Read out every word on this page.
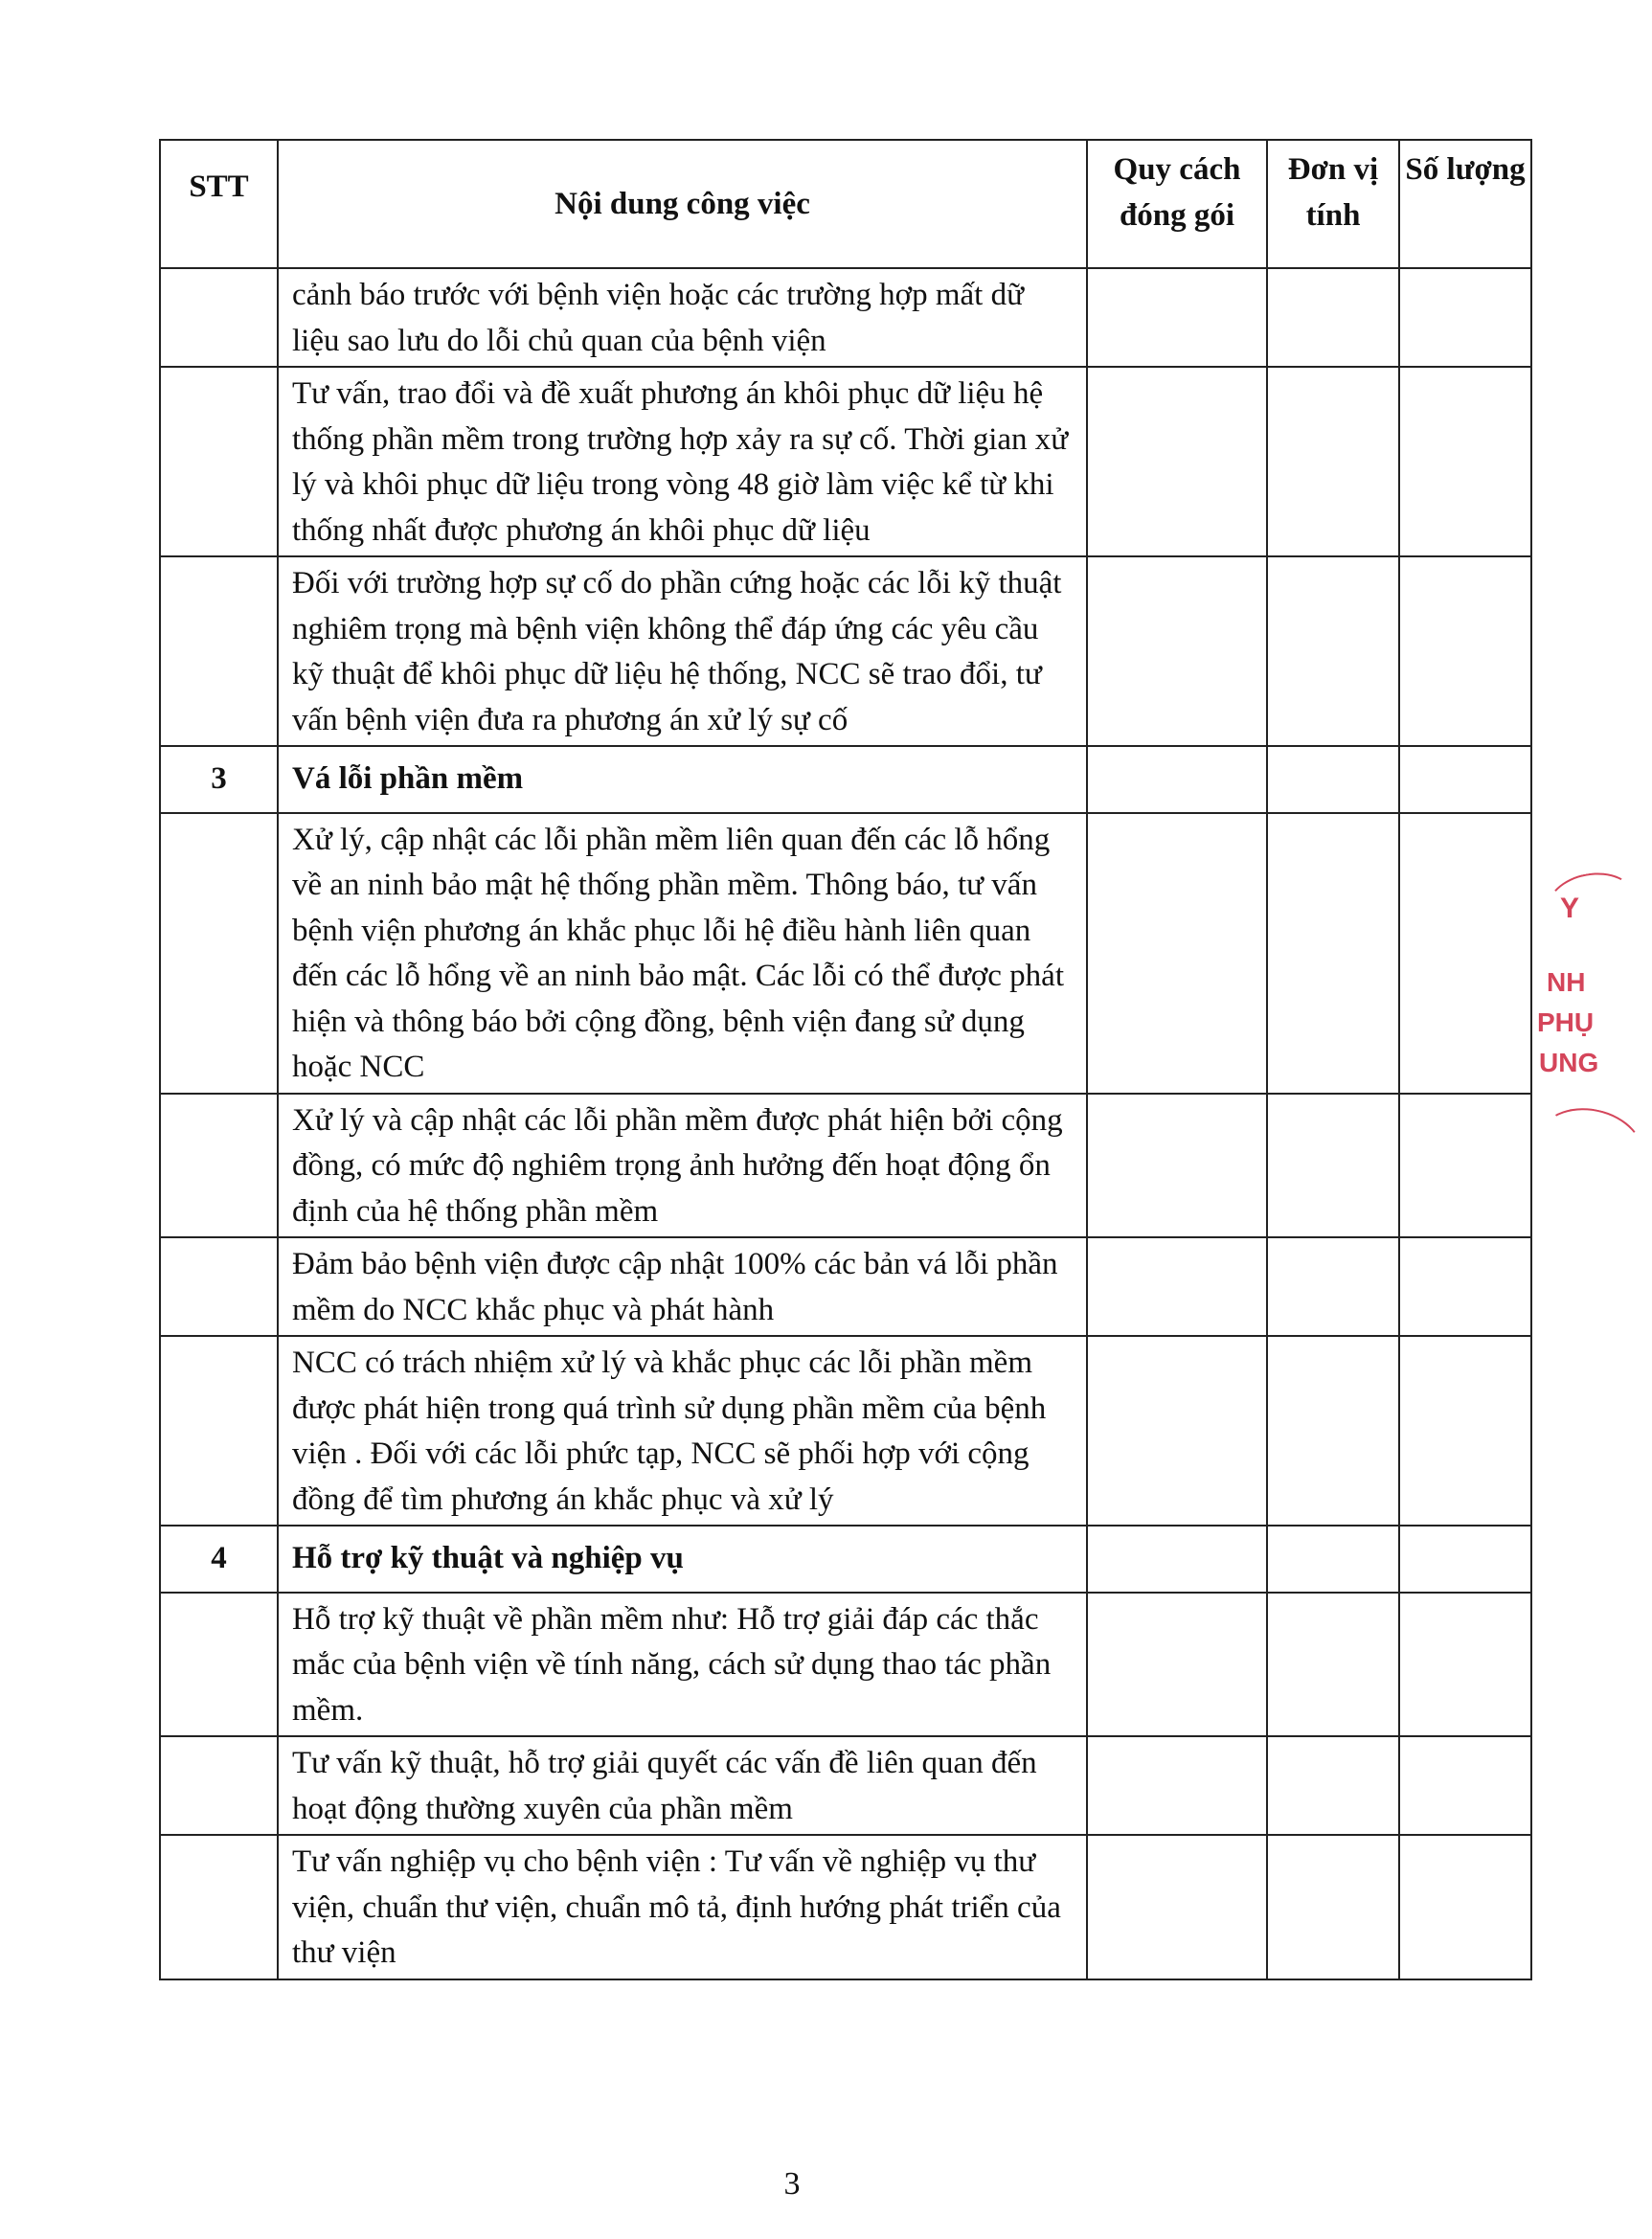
STT	Nội dung công việc	Quy cách đóng gói	Đơn vị tính	Số lượng
	cảnh báo trước với bệnh viện hoặc các trường hợp mất dữ liệu sao lưu do lỗi chủ quan của bệnh viện			
	Tư vấn, trao đổi và đề xuất phương án khôi phục dữ liệu hệ thống phần mềm trong trường hợp xảy ra sự cố. Thời gian xử lý và khôi phục dữ liệu trong vòng 48 giờ làm việc kể từ khi thống nhất được phương án khôi phục dữ liệu			
	Đối với trường hợp sự cố do phần cứng hoặc các lỗi kỹ thuật nghiêm trọng mà bệnh viện không thể đáp ứng các yêu cầu kỹ thuật để khôi phục dữ liệu hệ thống, NCC sẽ trao đổi, tư vấn bệnh viện đưa ra phương án xử lý sự cố			
3	Vá lỗi phần mềm			
	Xử lý, cập nhật các lỗi phần mềm liên quan đến các lỗ hổng về an ninh bảo mật hệ thống phần mềm. Thông báo, tư vấn bệnh viện phương án khắc phục lỗi hệ điều hành liên quan đến các lỗ hổng về an ninh bảo mật. Các lỗi có thể được phát hiện và thông báo bởi cộng đồng, bệnh viện đang sử dụng hoặc NCC			
	Xử lý và cập nhật các lỗi phần mềm được phát hiện bởi cộng đồng, có mức độ nghiêm trọng ảnh hưởng đến hoạt động ổn định của hệ thống phần mềm			
	Đảm bảo bệnh viện được cập nhật 100% các bản vá lỗi phần mềm do NCC khắc phục và phát hành			
	NCC có trách nhiệm xử lý và khắc phục các lỗi phần mềm được phát hiện trong quá trình sử dụng phần mềm của bệnh viện . Đối với các lỗi phức tạp, NCC sẽ phối hợp với cộng đồng để tìm phương án khắc phục và xử lý			
4	Hỗ trợ kỹ thuật và nghiệp vụ			
	Hỗ trợ kỹ thuật về phần mềm như: Hỗ trợ giải đáp các thắc mắc của bệnh viện về tính năng, cách sử dụng thao tác phần mềm.			
	Tư vấn kỹ thuật, hỗ trợ giải quyết các vấn đề liên quan đến hoạt động thường xuyên của phần mềm			
	Tư vấn nghiệp vụ cho bệnh viện : Tư vấn về nghiệp vụ thư viện, chuẩn thư viện, chuẩn mô tả, định hướng phát triển của thư viện			
Y
NH
PHỤ
UNG
3
